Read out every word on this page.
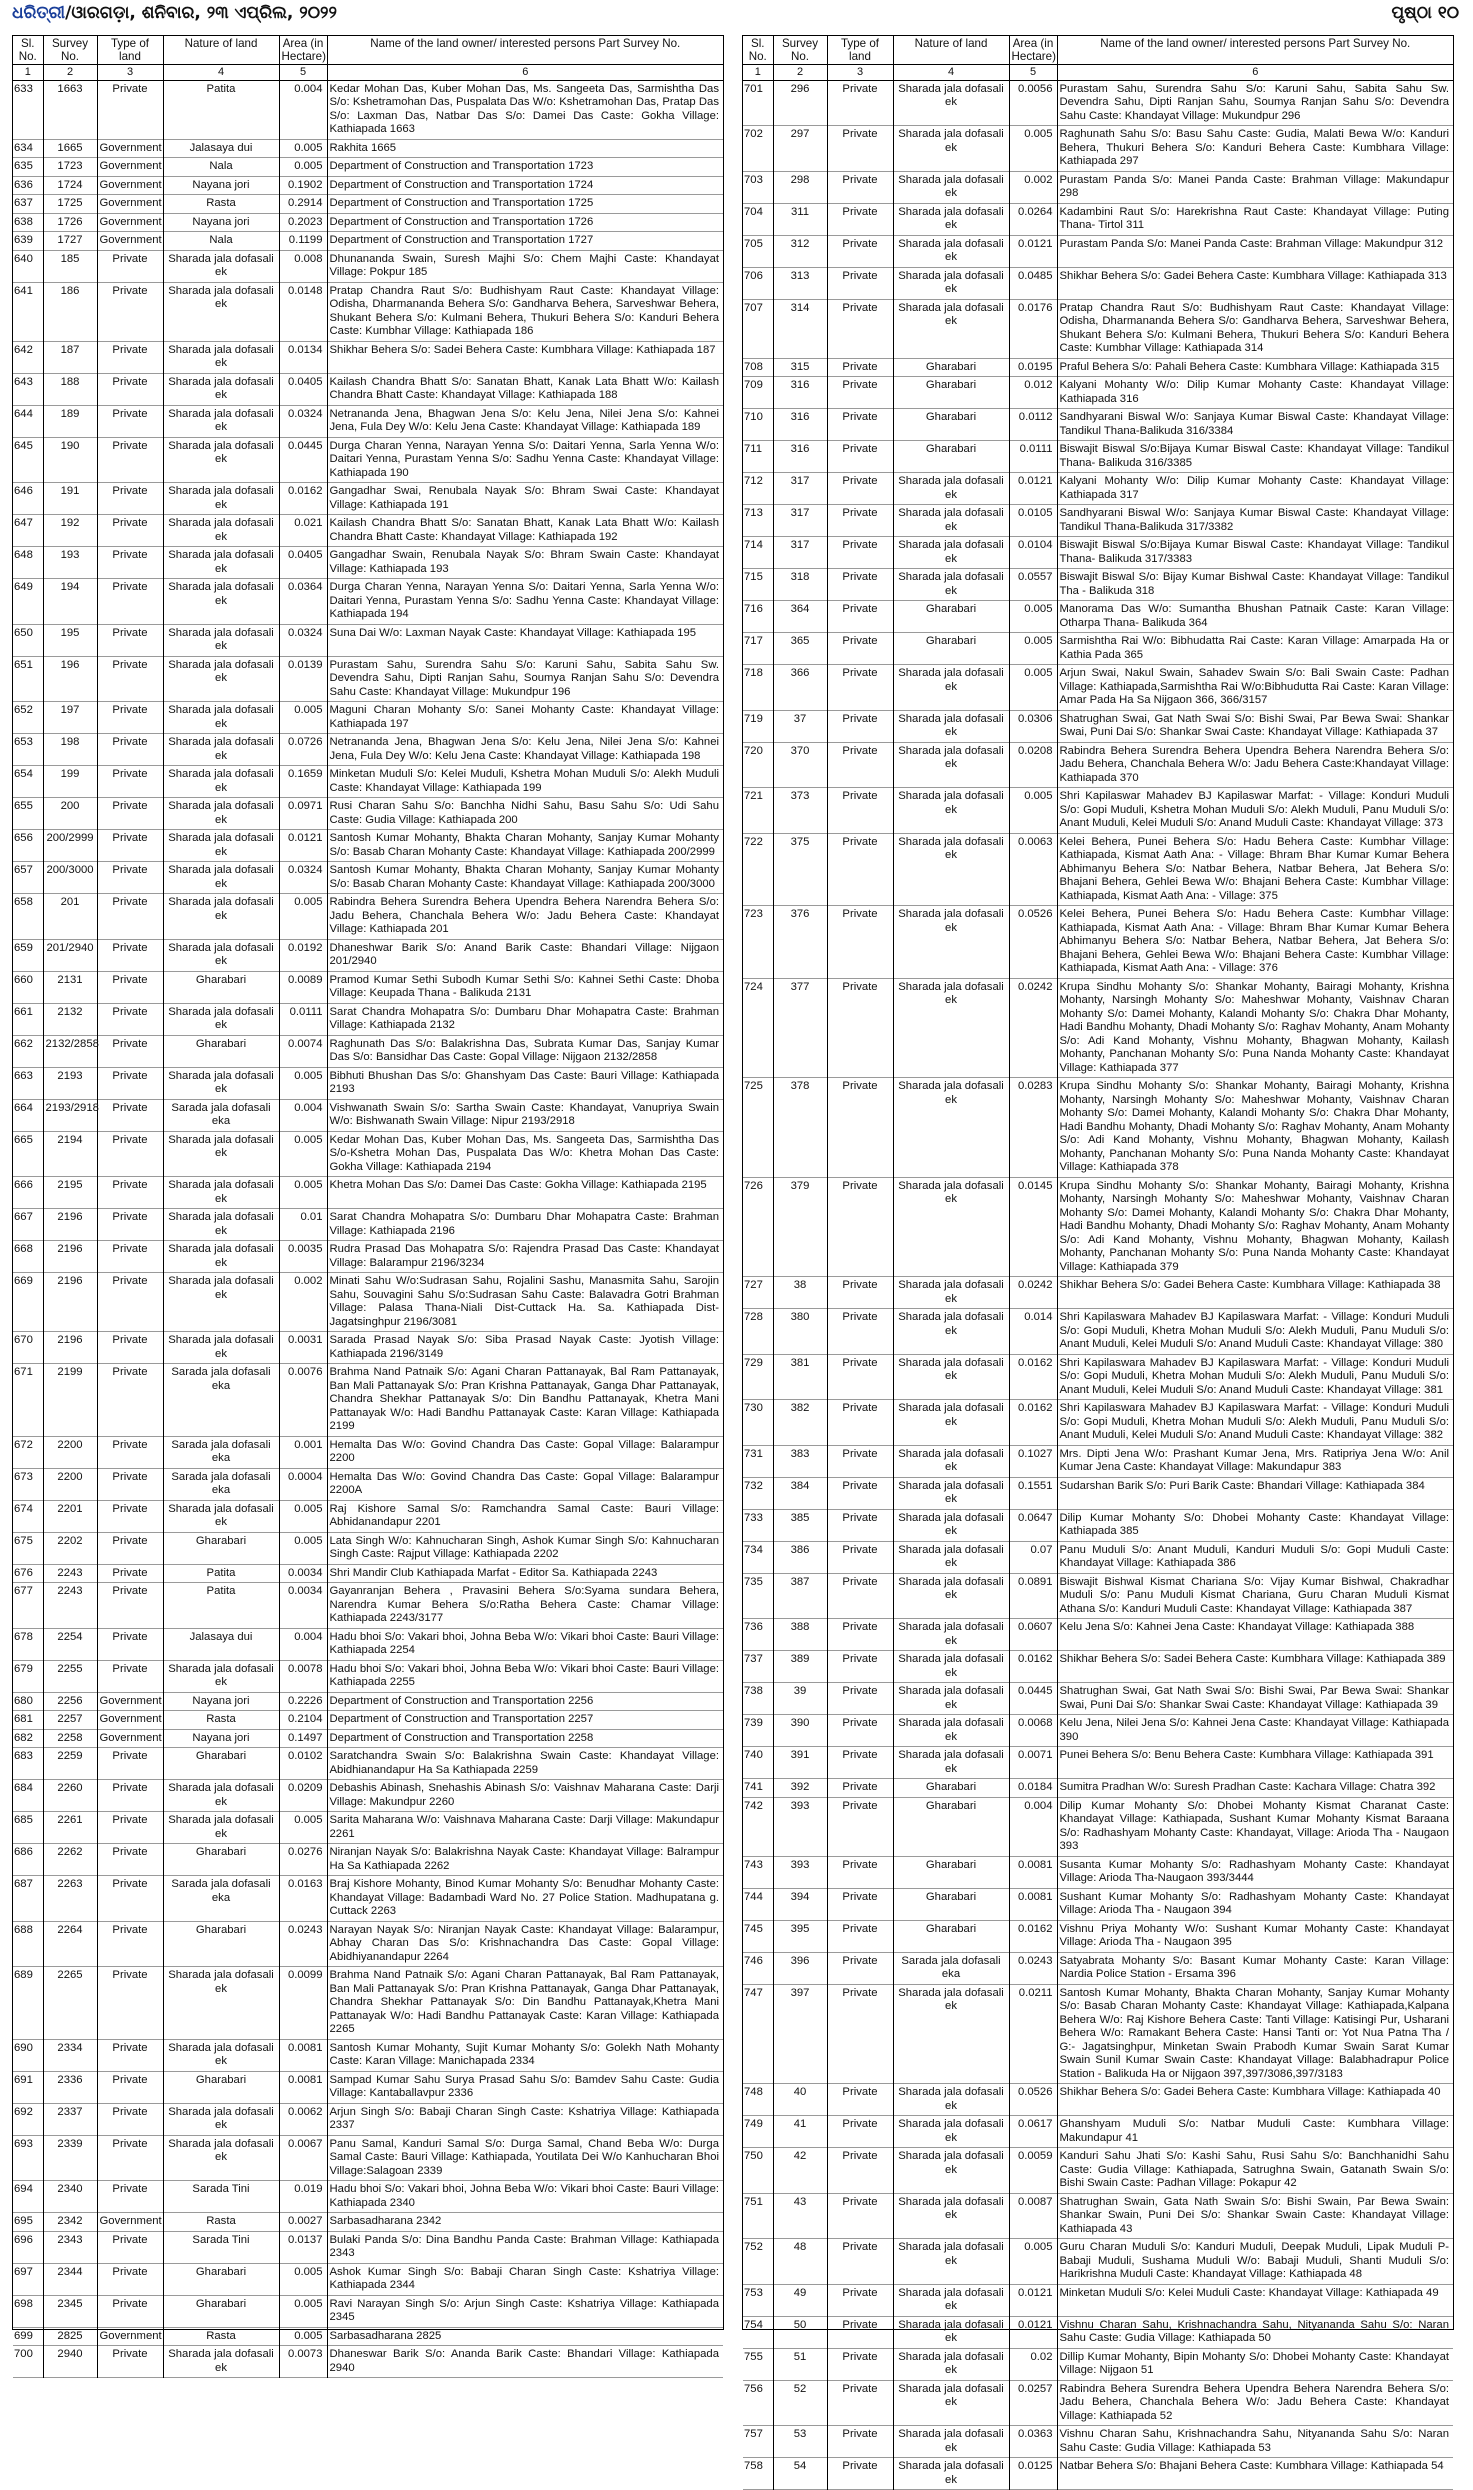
ଧରିତ୍ରୀ/ଓାରଗଡ଼ା, ଶନିବାର, ୨୩ ଏପ୍ରିଲ, ୨୦୨୨	ପୃଷ୍ଠା ୧୦
Sl. No.	Survey No.	Type of land	Nature of land	Area (in Hectare)	Name of the land owner/ interested persons Part Survey No.
1	2	3	4	5	6
633	1663	Private	Patita	0.004	Kedar Mohan Das, Kuber Mohan Das, Ms. Sangeeta Das, Sarmishtha Das S/o: Kshetramohan Das, Puspalata Das W/o: Kshetramohan Das, Pratap Das S/o: Laxman Das, Natbar Das S/o: Damei Das Caste: Gokha Village: Kathiapada 1663
634	1665	Government	Jalasaya dui	0.005	Rakhita 1665
635	1723	Government	Nala	0.005	Department of Construction and Transportation 1723
636	1724	Government	Nayana jori	0.1902	Department of Construction and Transportation 1724
637	1725	Government	Rasta	0.2914	Department of Construction and Transportation 1725
638	1726	Government	Nayana jori	0.2023	Department of Construction and Transportation 1726
639	1727	Government	Nala	0.1199	Department of Construction and Transportation 1727
640	185	Private	Sharada jala dofasali ek	0.008	Dhunananda Swain, Suresh Majhi S/o: Chem Majhi Caste: Khandayat Village: Pokpur 185
641	186	Private	Sharada jala dofasali ek	0.0148	Pratap Chandra Raut S/o: Budhishyam Raut Caste: Khandayat Village: Odisha, Dharmananda Behera S/o: Gandharva Behera, Sarveshwar Behera, Shukant Behera S/o: Kulmani Behera, Thukuri Behera S/o: Kanduri Behera Caste: Kumbhar Village: Kathiapada 186
642	187	Private	Sharada jala dofasali ek	0.0134	Shikhar Behera S/o: Sadei Behera Caste: Kumbhara Village: Kathiapada 187
643	188	Private	Sharada jala dofasali ek	0.0405	Kailash Chandra Bhatt S/o: Sanatan Bhatt, Kanak Lata Bhatt W/o: Kailash Chandra Bhatt Caste: Khandayat Village: Kathiapada 188
644	189	Private	Sharada jala dofasali ek	0.0324	Netrananda Jena, Bhagwan Jena S/o: Kelu Jena, Nilei Jena S/o: Kahnei Jena, Fula Dey W/o: Kelu Jena Caste: Khandayat Village: Kathiapada 189
645	190	Private	Sharada jala dofasali ek	0.0445	Durga Charan Yenna, Narayan Yenna S/o: Daitari Yenna, Sarla Yenna W/o: Daitari Yenna, Purastam Yenna S/o: Sadhu Yenna Caste: Khandayat Village: Kathiapada 190
646	191	Private	Sharada jala dofasali ek	0.0162	Gangadhar Swai, Renubala Nayak S/o: Bhram Swai Caste: Khandayat Village: Kathiapada 191
647	192	Private	Sharada jala dofasali ek	0.021	Kailash Chandra Bhatt S/o: Sanatan Bhatt, Kanak Lata Bhatt W/o: Kailash Chandra Bhatt Caste: Khandayat Village: Kathiapada 192
648	193	Private	Sharada jala dofasali ek	0.0405	Gangadhar Swain, Renubala Nayak S/o: Bhram Swain Caste: Khandayat Village: Kathiapada 193
649	194	Private	Sharada jala dofasali ek	0.0364	Durga Charan Yenna, Narayan Yenna S/o: Daitari Yenna, Sarla Yenna W/o: Daitari Yenna, Purastam Yenna S/o: Sadhu Yenna Caste: Khandayat Village: Kathiapada 194
650	195	Private	Sharada jala dofasali ek	0.0324	Suna Dai W/o: Laxman Nayak Caste: Khandayat Village: Kathiapada 195
651	196	Private	Sharada jala dofasali ek	0.0139	Purastam Sahu, Surendra Sahu S/o: Karuni Sahu, Sabita Sahu Sw. Devendra Sahu, Dipti Ranjan Sahu, Soumya Ranjan Sahu S/o: Devendra Sahu Caste: Khandayat Village: Mukundpur 196
652	197	Private	Sharada jala dofasali ek	0.005	Maguni Charan Mohanty S/o: Sanei Mohanty Caste: Khandayat Village: Kathiapada 197
653	198	Private	Sharada jala dofasali ek	0.0726	Netrananda Jena, Bhagwan Jena S/o: Kelu Jena, Nilei Jena S/o: Kahnei Jena, Fula Dey W/o: Kelu Jena Caste: Khandayat Village: Kathiapada 198
654	199	Private	Sharada jala dofasali ek	0.1659	Minketan Muduli S/o: Kelei Muduli, Kshetra Mohan Muduli S/o: Alekh Muduli Caste: Khandayat Village: Kathiapada 199
655	200	Private	Sharada jala dofasali ek	0.0971	Rusi Charan Sahu S/o: Banchha Nidhi Sahu, Basu Sahu S/o: Udi Sahu Caste: Gudia Village: Kathiapada 200
656	200/2999	Private	Sharada jala dofasali ek	0.0121	Santosh Kumar Mohanty, Bhakta Charan Mohanty, Sanjay Kumar Mohanty S/o: Basab Charan Mohanty Caste: Khandayat Village: Kathiapada 200/2999
657	200/3000	Private	Sharada jala dofasali ek	0.0324	Santosh Kumar Mohanty, Bhakta Charan Mohanty, Sanjay Kumar Mohanty S/o: Basab Charan Mohanty Caste: Khandayat Village: Kathiapada 200/3000
658	201	Private	Sharada jala dofasali ek	0.005	Rabindra Behera Surendra Behera Upendra Behera Narendra Behera S/o: Jadu Behera, Chanchala Behera W/o: Jadu Behera Caste: Khandayat Village: Kathiapada 201
659	201/2940	Private	Sharada jala dofasali ek	0.0192	Dhaneshwar Barik S/o: Anand Barik Caste: Bhandari Village: Nijgaon 201/2940
660	2131	Private	Gharabari	0.0089	Pramod Kumar Sethi Subodh Kumar Sethi S/o: Kahnei Sethi Caste: Dhoba Village: Keupada Thana - Balikuda 2131
661	2132	Private	Sharada jala dofasali ek	0.0111	Sarat Chandra Mohapatra S/o: Dumbaru Dhar Mohapatra Caste: Brahman Village: Kathiapada 2132
662	2132/2858	Private	Gharabari	0.0074	Raghunath Das S/o: Balakrishna Das, Subrata Kumar Das, Sanjay Kumar Das S/o: Bansidhar Das Caste: Gopal Village: Nijgaon 2132/2858
663	2193	Private	Sharada jala dofasali ek	0.005	Bibhuti Bhushan Das S/o: Ghanshyam Das Caste: Bauri Village: Kathiapada 2193
664	2193/2918	Private	Sarada jala dofasali eka	0.004	Vishwanath Swain S/o: Sartha Swain Caste: Khandayat, Vanupriya Swain W/o: Bishwanath Swain Village: Nipur 2193/2918
665	2194	Private	Sharada jala dofasali ek	0.005	Kedar Mohan Das, Kuber Mohan Das, Ms. Sangeeta Das, Sarmishtha Das S/o-Kshetra Mohan Das, Puspalata Das W/o: Khetra Mohan Das Caste: Gokha Village: Kathiapada 2194
666	2195	Private	Sharada jala dofasali ek	0.005	Khetra Mohan Das S/o: Damei Das Caste: Gokha Village: Kathiapada 2195
667	2196	Private	Sharada jala dofasali ek	0.01	Sarat Chandra Mohapatra S/o: Dumbaru Dhar Mohapatra Caste: Brahman Village: Kathiapada 2196
668	2196	Private	Sharada jala dofasali ek	0.0035	Rudra Prasad Das Mohapatra S/o: Rajendra Prasad Das Caste: Khandayat Village: Balarampur 2196/3234
669	2196	Private	Sharada jala dofasali ek	0.002	Minati Sahu W/o:Sudrasan Sahu, Rojalini Sashu, Manasmita Sahu, Sarojin Sahu, Souvagini Sahu S/o:Sudrasan Sahu Caste: Balavadra Gotri Brahman Village: Palasa Thana-Niali Dist-Cuttack Ha. Sa. Kathiapada Dist- Jagatsinghpur 2196/3081
670	2196	Private	Sharada jala dofasali ek	0.0031	Sarada Prasad Nayak S/o: Siba Prasad Nayak Caste: Jyotish Village: Kathiapada 2196/3149
671	2199	Private	Sarada jala dofasali eka	0.0076	Brahma Nand Patnaik S/o: Agani Charan Pattanayak, Bal Ram Pattanayak, Ban Mali Pattanayak S/o: Pran Krishna Pattanayak, Ganga Dhar Pattanayak, Chandra Shekhar Pattanayak S/o: Din Bandhu Pattanayak, Khetra Mani Pattanayak W/o: Hadi Bandhu Pattanayak Caste: Karan Village: Kathiapada 2199
672	2200	Private	Sarada jala dofasali eka	0.001	Hemalta Das W/o: Govind Chandra Das Caste: Gopal Village: Balarampur 2200
673	2200	Private	Sarada jala dofasali eka	0.0004	Hemalta Das W/o: Govind Chandra Das Caste: Gopal Village: Balarampur 2200A
674	2201	Private	Sharada jala dofasali ek	0.005	Raj Kishore Samal S/o: Ramchandra Samal Caste: Bauri Village: Abhidanandapur 2201
675	2202	Private	Gharabari	0.005	Lata Singh W/o: Kahnucharan Singh, Ashok Kumar Singh S/o: Kahnucharan Singh Caste: Rajput Village: Kathiapada 2202
676	2243	Private	Patita	0.0034	Shri Mandir Club Kathiapada Marfat - Editor Sa. Kathiapada 2243
677	2243	Private	Patita	0.0034	Gayanranjan Behera , Pravasini Behera S/o:Syama sundara Behera, Narendra Kumar Behera S/o:Ratha Behera Caste: Chamar Village: Kathiapada 2243/3177
678	2254	Private	Jalasaya dui	0.004	Hadu bhoi S/o: Vakari bhoi, Johna Beba W/o: Vikari bhoi Caste: Bauri Village: Kathiapada 2254
679	2255	Private	Sharada jala dofasali ek	0.0078	Hadu bhoi S/o: Vakari bhoi, Johna Beba W/o: Vikari bhoi Caste: Bauri Village: Kathiapada 2255
680	2256	Government	Nayana jori	0.2226	Department of Construction and Transportation 2256
681	2257	Government	Rasta	0.2104	Department of Construction and Transportation 2257
682	2258	Government	Nayana jori	0.1497	Department of Construction and Transportation 2258
683	2259	Private	Gharabari	0.0102	Saratchandra Swain S/o: Balakrishna Swain Caste: Khandayat Village: Abidhianandapur Ha Sa Kathiapada 2259
684	2260	Private	Sharada jala dofasali ek	0.0209	Debashis Abinash, Snehashis Abinash S/o: Vaishnav Maharana Caste: Darji Village: Makundpur 2260
685	2261	Private	Sharada jala dofasali ek	0.005	Sarita Maharana W/o: Vaishnava Maharana Caste: Darji Village: Makundapur 2261
686	2262	Private	Gharabari	0.0276	Niranjan Nayak S/o: Balakrishna Nayak Caste: Khandayat Village: Balrampur Ha Sa Kathiapada 2262
687	2263	Private	Sarada jala dofasali eka	0.0163	Braj Kishore Mohanty, Binod Kumar Mohanty S/o: Benudhar Mohanty Caste: Khandayat Village: Badambadi Ward No. 27 Police Station. Madhupatana g. Cuttack 2263
688	2264	Private	Gharabari	0.0243	Narayan Nayak S/o: Niranjan Nayak Caste: Khandayat Village: Balarampur, Abhay Charan Das S/o: Krishnachandra Das Caste: Gopal Village: Abidhiyanandapur 2264
689	2265	Private	Sharada jala dofasali ek	0.0099	Brahma Nand Patnaik S/o: Agani Charan Pattanayak, Bal Ram Pattanayak, Ban Mali Pattanayak S/o: Pran Krishna Pattanayak, Ganga Dhar Pattanayak, Chandra Shekhar Pattanayak S/o: Din Bandhu Pattanayak,Khetra Mani Pattanayak W/o: Hadi Bandhu Pattanayak Caste: Karan Village: Kathiapada 2265
690	2334	Private	Sharada jala dofasali ek	0.0081	Santosh Kumar Mohanty, Sujit Kumar Mohanty S/o: Golekh Nath Mohanty Caste: Karan Village: Manichapada 2334
691	2336	Private	Gharabari	0.0081	Sampad Kumar Sahu Surya Prasad Sahu S/o: Bamdev Sahu Caste: Gudia Village: Kantaballavpur 2336
692	2337	Private	Sharada jala dofasali ek	0.0062	Arjun Singh S/o: Babaji Charan Singh Caste: Kshatriya Village: Kathiapada 2337
693	2339	Private	Sharada jala dofasali ek	0.0067	Panu Samal, Kanduri Samal S/o: Durga Samal, Chand Beba W/o: Durga Samal Caste: Bauri Village: Kathiapada, Youtilata Dei W/o Kanhucharan Bhoi Village:Salagoan 2339
694	2340	Private	Sarada Tini	0.019	Hadu bhoi S/o: Vakari bhoi, Johna Beba W/o: Vikari bhoi Caste: Bauri Village: Kathiapada 2340
695	2342	Government	Rasta	0.0027	Sarbasadharana 2342
696	2343	Private	Sarada Tini	0.0137	Bulaki Panda S/o: Dina Bandhu Panda Caste: Brahman Village: Kathiapada 2343
697	2344	Private	Gharabari	0.005	Ashok Kumar Singh S/o: Babaji Charan Singh Caste: Kshatriya Village: Kathiapada 2344
698	2345	Private	Gharabari	0.005	Ravi Narayan Singh S/o: Arjun Singh Caste: Kshatriya Village: Kathiapada 2345
699	2825	Government	Rasta	0.005	Sarbasadharana 2825
700	2940	Private	Sharada jala dofasali ek	0.0073	Dhaneswar Barik S/o: Ananda Barik Caste: Bhandari Village: Kathiapada 2940
Sl. No.	Survey No.	Type of land	Nature of land	Area (in Hectare)	Name of the land owner/ interested persons Part Survey No.
1	2	3	4	5	6
701	296	Private	Sharada jala dofasali ek	0.0056	Purastam Sahu, Surendra Sahu S/o: Karuni Sahu, Sabita Sahu Sw. Devendra Sahu, Dipti Ranjan Sahu, Soumya Ranjan Sahu S/o: Devendra Sahu Caste: Khandayat Village: Mukundpur 296
702	297	Private	Sharada jala dofasali ek	0.005	Raghunath Sahu S/o: Basu Sahu Caste: Gudia, Malati Bewa W/o: Kanduri Behera, Thukuri Behera S/o: Kanduri Behera Caste: Kumbhara Village: Kathiapada 297
703	298	Private	Sharada jala dofasali ek	0.002	Purastam Panda S/o: Manei Panda Caste: Brahman Village: Makundapur 298
704	311	Private	Sharada jala dofasali ek	0.0264	Kadambini Raut S/o: Harekrishna Raut Caste: Khandayat Village: Puting Thana- Tirtol 311
705	312	Private	Sharada jala dofasali ek	0.0121	Purastam Panda S/o: Manei Panda Caste: Brahman Village: Makundpur 312
706	313	Private	Sharada jala dofasali ek	0.0485	Shikhar Behera S/o: Gadei Behera Caste: Kumbhara Village: Kathiapada 313
707	314	Private	Sharada jala dofasali ek	0.0176	Pratap Chandra Raut S/o: Budhishyam Raut Caste: Khandayat Village: Odisha, Dharmananda Behera S/o: Gandharva Behera, Sarveshwar Behera, Shukant Behera S/o: Kulmani Behera, Thukuri Behera S/o: Kanduri Behera Caste: Kumbhar Village: Kathiapada 314
708	315	Private	Gharabari	0.0195	Praful Behera S/o: Pahali Behera Caste: Kumbhara Village: Kathiapada 315
709	316	Private	Gharabari	0.012	Kalyani Mohanty W/o: Dilip Kumar Mohanty Caste: Khandayat Village: Kathiapada 316
710	316	Private	Gharabari	0.0112	Sandhyarani Biswal W/o: Sanjaya Kumar Biswal Caste: Khandayat Village: Tandikul Thana-Balikuda 316/3384
711	316	Private	Gharabari	0.0111	Biswajit Biswal S/o:Bijaya Kumar Biswal Caste: Khandayat Village: Tandikul Thana- Balikuda 316/3385
712	317	Private	Sharada jala dofasali ek	0.0121	Kalyani Mohanty W/o: Dilip Kumar Mohanty Caste: Khandayat Village: Kathiapada 317
713	317	Private	Sharada jala dofasali ek	0.0105	Sandhyarani Biswal W/o: Sanjaya Kumar Biswal Caste: Khandayat Village: Tandikul Thana-Balikuda 317/3382
714	317	Private	Sharada jala dofasali ek	0.0104	Biswajit Biswal S/o:Bijaya Kumar Biswal Caste: Khandayat Village: Tandikul Thana- Balikuda 317/3383
715	318	Private	Sharada jala dofasali ek	0.0557	Biswajit Biswal S/o: Bijay Kumar Bishwal Caste: Khandayat Village: Tandikul Tha - Balikuda 318
716	364	Private	Gharabari	0.005	Manorama Das W/o: Sumantha Bhushan Patnaik Caste: Karan Village: Otharpa Thana- Balikuda 364
717	365	Private	Gharabari	0.005	Sarmishtha Rai W/o: Bibhudatta Rai Caste: Karan Village: Amarpada Ha or Kathia Pada 365
718	366	Private	Sharada jala dofasali ek	0.005	Arjun Swai, Nakul Swain, Sahadev Swain S/o: Bali Swain Caste: Padhan Village: Kathiapada,Sarmishtha Rai W/o:Bibhudutta Rai Caste: Karan Village: Amar Pada Ha Sa Nijgaon 366, 366/3157
719	37	Private	Sharada jala dofasali ek	0.0306	Shatrughan Swai, Gat Nath Swai S/o: Bishi Swai, Par Bewa Swai: Shankar Swai, Puni Dai S/o: Shankar Swai Caste: Khandayat Village: Kathiapada 37
720	370	Private	Sharada jala dofasali ek	0.0208	Rabindra Behera Surendra Behera Upendra Behera Narendra Behera S/o: Jadu Behera, Chanchala Behera W/o: Jadu Behera Caste:Khandayat Village: Kathiapada 370
721	373	Private	Sharada jala dofasali ek	0.005	Shri Kapilaswar Mahadev BJ Kapilaswar Marfat: - Village: Konduri Muduli S/o: Gopi Muduli, Kshetra Mohan Muduli S/o: Alekh Muduli, Panu Muduli S/o: Anant Muduli, Kelei Muduli S/o: Anand Muduli Caste: Khandayat Village: 373
722	375	Private	Sharada jala dofasali ek	0.0063	Kelei Behera, Punei Behera S/o: Hadu Behera Caste: Kumbhar Village: Kathiapada, Kismat Aath Ana: - Village: Bhram Bhar Kumar Kumar Behera Abhimanyu Behera S/o: Natbar Behera, Natbar Behera, Jat Behera S/o: Bhajani Behera, Gehlei Bewa W/o: Bhajani Behera Caste: Kumbhar Village: Kathiapada, Kismat Aath Ana: - Village: 375
723	376	Private	Sharada jala dofasali ek	0.0526	Kelei Behera, Punei Behera S/o: Hadu Behera Caste: Kumbhar Village: Kathiapada, Kismat Aath Ana: - Village: Bhram Bhar Kumar Kumar Behera Abhimanyu Behera S/o: Natbar Behera, Natbar Behera, Jat Behera S/o: Bhajani Behera, Gehlei Bewa W/o: Bhajani Behera Caste: Kumbhar Village: Kathiapada, Kismat Aath Ana: - Village: 376
724	377	Private	Sharada jala dofasali ek	0.0242	Krupa Sindhu Mohanty S/o: Shankar Mohanty, Bairagi Mohanty, Krishna Mohanty, Narsingh Mohanty S/o: Maheshwar Mohanty, Vaishnav Charan Mohanty S/o: Damei Mohanty, Kalandi Mohanty S/o: Chakra Dhar Mohanty, Hadi Bandhu Mohanty, Dhadi Mohanty S/o: Raghav Mohanty, Anam Mohanty S/o: Adi Kand Mohanty, Vishnu Mohanty, Bhagwan Mohanty, Kailash Mohanty, Panchanan Mohanty S/o: Puna Nanda Mohanty Caste: Khandayat Village: Kathiapada 377
725	378	Private	Sharada jala dofasali ek	0.0283	Krupa Sindhu Mohanty S/o: Shankar Mohanty, Bairagi Mohanty, Krishna Mohanty, Narsingh Mohanty S/o: Maheshwar Mohanty, Vaishnav Charan Mohanty S/o: Damei Mohanty, Kalandi Mohanty S/o: Chakra Dhar Mohanty, Hadi Bandhu Mohanty, Dhadi Mohanty S/o: Raghav Mohanty, Anam Mohanty S/o: Adi Kand Mohanty, Vishnu Mohanty, Bhagwan Mohanty, Kailash Mohanty, Panchanan Mohanty S/o: Puna Nanda Mohanty Caste: Khandayat Village: Kathiapada 378
726	379	Private	Sharada jala dofasali ek	0.0145	Krupa Sindhu Mohanty S/o: Shankar Mohanty, Bairagi Mohanty, Krishna Mohanty, Narsingh Mohanty S/o: Maheshwar Mohanty, Vaishnav Charan Mohanty S/o: Damei Mohanty, Kalandi Mohanty S/o: Chakra Dhar Mohanty, Hadi Bandhu Mohanty, Dhadi Mohanty S/o: Raghav Mohanty, Anam Mohanty S/o: Adi Kand Mohanty, Vishnu Mohanty, Bhagwan Mohanty, Kailash Mohanty, Panchanan Mohanty S/o: Puna Nanda Mohanty Caste: Khandayat Village: Kathiapada 379
727	38	Private	Sharada jala dofasali ek	0.0242	Shikhar Behera S/o: Gadei Behera Caste: Kumbhara Village: Kathiapada 38
728	380	Private	Sharada jala dofasali ek	0.014	Shri Kapilaswara Mahadev BJ Kapilaswara Marfat: - Village: Konduri Muduli S/o: Gopi Muduli, Khetra Mohan Muduli S/o: Alekh Muduli, Panu Muduli S/o: Anant Muduli, Kelei Muduli S/o: Anand Muduli Caste: Khandayat Village: 380
729	381	Private	Sharada jala dofasali ek	0.0162	Shri Kapilaswara Mahadev BJ Kapilaswara Marfat: - Village: Konduri Muduli S/o: Gopi Muduli, Khetra Mohan Muduli S/o: Alekh Muduli, Panu Muduli S/o: Anant Muduli, Kelei Muduli S/o: Anand Muduli Caste: Khandayat Village: 381
730	382	Private	Sharada jala dofasali ek	0.0162	Shri Kapilaswara Mahadev BJ Kapilaswara Marfat: - Village: Konduri Muduli S/o: Gopi Muduli, Khetra Mohan Muduli S/o: Alekh Muduli, Panu Muduli S/o: Anant Muduli, Kelei Muduli S/o: Anand Muduli Caste: Khandayat Village: 382
731	383	Private	Sharada jala dofasali ek	0.1027	Mrs. Dipti Jena W/o: Prashant Kumar Jena, Mrs. Ratipriya Jena W/o: Anil Kumar Jena Caste: Khandayat Village: Makundapur 383
732	384	Private	Sharada jala dofasali ek	0.1551	Sudarshan Barik S/o: Puri Barik Caste: Bhandari Village: Kathiapada 384
733	385	Private	Sharada jala dofasali ek	0.0647	Dilip Kumar Mohanty S/o: Dhobei Mohanty Caste: Khandayat Village: Kathiapada 385
734	386	Private	Sharada jala dofasali ek	0.07	Panu Muduli S/o: Anant Muduli, Kanduri Muduli S/o: Gopi Muduli Caste: Khandayat Village: Kathiapada 386
735	387	Private	Sharada jala dofasali ek	0.0891	Biswajit Bishwal Kismat Chariana S/o: Vijay Kumar Bishwal, Chakradhar Muduli S/o: Panu Muduli Kismat Chariana, Guru Charan Muduli Kismat Athana S/o: Kanduri Muduli Caste: Khandayat Village: Kathiapada 387
736	388	Private	Sharada jala dofasali ek	0.0607	Kelu Jena S/o: Kahnei Jena Caste: Khandayat Village: Kathiapada 388
737	389	Private	Sharada jala dofasali ek	0.0162	Shikhar Behera S/o: Sadei Behera Caste: Kumbhara Village: Kathiapada 389
738	39	Private	Sharada jala dofasali ek	0.0445	Shatrughan Swai, Gat Nath Swai S/o: Bishi Swai, Par Bewa Swai: Shankar Swai, Puni Dai S/o: Shankar Swai Caste: Khandayat Village: Kathiapada 39
739	390	Private	Sharada jala dofasali ek	0.0068	Kelu Jena, Nilei Jena S/o: Kahnei Jena Caste: Khandayat Village: Kathiapada 390
740	391	Private	Sharada jala dofasali ek	0.0071	Punei Behera S/o: Benu Behera Caste: Kumbhara Village: Kathiapada 391
741	392	Private	Gharabari	0.0184	Sumitra Pradhan W/o: Suresh Pradhan Caste: Kachara Village: Chatra 392
742	393	Private	Gharabari	0.004	Dilip Kumar Mohanty S/o: Dhobei Mohanty Kismat Charanat Caste: Khandayat Village: Kathiapada, Sushant Kumar Mohanty Kismat Baraana S/o: Radhashyam Mohanty Caste: Khandayat, Village: Arioda Tha - Naugaon 393
743	393	Private	Gharabari	0.0081	Susanta Kumar Mohanty S/o: Radhashyam Mohanty Caste: Khandayat Village: Arioda Tha-Naugaon 393/3444
744	394	Private	Gharabari	0.0081	Sushant Kumar Mohanty S/o: Radhashyam Mohanty Caste: Khandayat Village: Arioda Tha - Naugaon 394
745	395	Private	Gharabari	0.0162	Vishnu Priya Mohanty W/o: Sushant Kumar Mohanty Caste: Khandayat Village: Arioda Tha - Naugaon 395
746	396	Private	Sarada jala dofasali eka	0.0243	Satyabrata Mohanty S/o: Basant Kumar Mohanty Caste: Karan Village: Nardia Police Station - Ersama 396
747	397	Private	Sharada jala dofasali ek	0.0211	Santosh Kumar Mohanty, Bhakta Charan Mohanty, Sanjay Kumar Mohanty S/o: Basab Charan Mohanty Caste: Khandayat Village: Kathiapada,Kalpana Behera W/o: Raj Kishore Behera Caste: Tanti Village: Katisingi Pur, Usharani Behera W/o: Ramakant Behera Caste: Hansi Tanti or: Yot Nua Patna Tha / G:- Jagatsinghpur, Minketan Swain Prabodh Kumar Swain Sarat Kumar Swain Sunil Kumar Swain Caste: Khandayat Village: Balabhadrapur Police Station - Balikuda Ha or Nijgaon 397,397/3086,397/3183
748	40	Private	Sharada jala dofasali ek	0.0526	Shikhar Behera S/o: Gadei Behera Caste: Kumbhara Village: Kathiapada 40
749	41	Private	Sharada jala dofasali ek	0.0617	Ghanshyam Muduli S/o: Natbar Muduli Caste: Kumbhara Village: Makundapur 41
750	42	Private	Sharada jala dofasali ek	0.0059	Kanduri Sahu Jhati S/o: Kashi Sahu, Rusi Sahu S/o: Banchhanidhi Sahu Caste: Gudia Village: Kathiapada, Satrughna Swain, Gatanath Swain S/o: Bishi Swain Caste: Padhan Village: Pokapur 42
751	43	Private	Sharada jala dofasali ek	0.0087	Shatrughan Swain, Gata Nath Swain S/o: Bishi Swain, Par Bewa Swain: Shankar Swain, Puni Dei S/o: Shankar Swain Caste: Khandayat Village: Kathiapada 43
752	48	Private	Sharada jala dofasali ek	0.005	Guru Charan Muduli S/o: Kanduri Muduli, Deepak Muduli, Lipak Muduli P- Babaji Muduli, Sushama Muduli W/o: Babaji Muduli, Shanti Muduli S/o: Harikrishna Muduli Caste: Khandayat Village: Kathiapada 48
753	49	Private	Sharada jala dofasali ek	0.0121	Minketan Muduli S/o: Kelei Muduli Caste: Khandayat Village: Kathiapada 49
754	50	Private	Sharada jala dofasali ek	0.0121	Vishnu Charan Sahu, Krishnachandra Sahu, Nityananda Sahu S/o: Naran Sahu Caste: Gudia Village: Kathiapada 50
755	51	Private	Sharada jala dofasali ek	0.02	Dillip Kumar Mohanty, Bipin Mohanty S/o: Dhobei Mohanty Caste: Khandayat Village: Nijgaon 51
756	52	Private	Sharada jala dofasali ek	0.0257	Rabindra Behera Surendra Behera Upendra Behera Narendra Behera S/o: Jadu Behera, Chanchala Behera W/o: Jadu Behera Caste: Khandayat Village: Kathiapada 52
757	53	Private	Sharada jala dofasali ek	0.0363	Vishnu Charan Sahu, Krishnachandra Sahu, Nityananda Sahu S/o: Naran Sahu Caste: Gudia Village: Kathiapada 53
758	54	Private	Sharada jala dofasali ek	0.0125	Natbar Behera S/o: Bhajani Behera Caste: Kumbhara Village: Kathiapada 54
